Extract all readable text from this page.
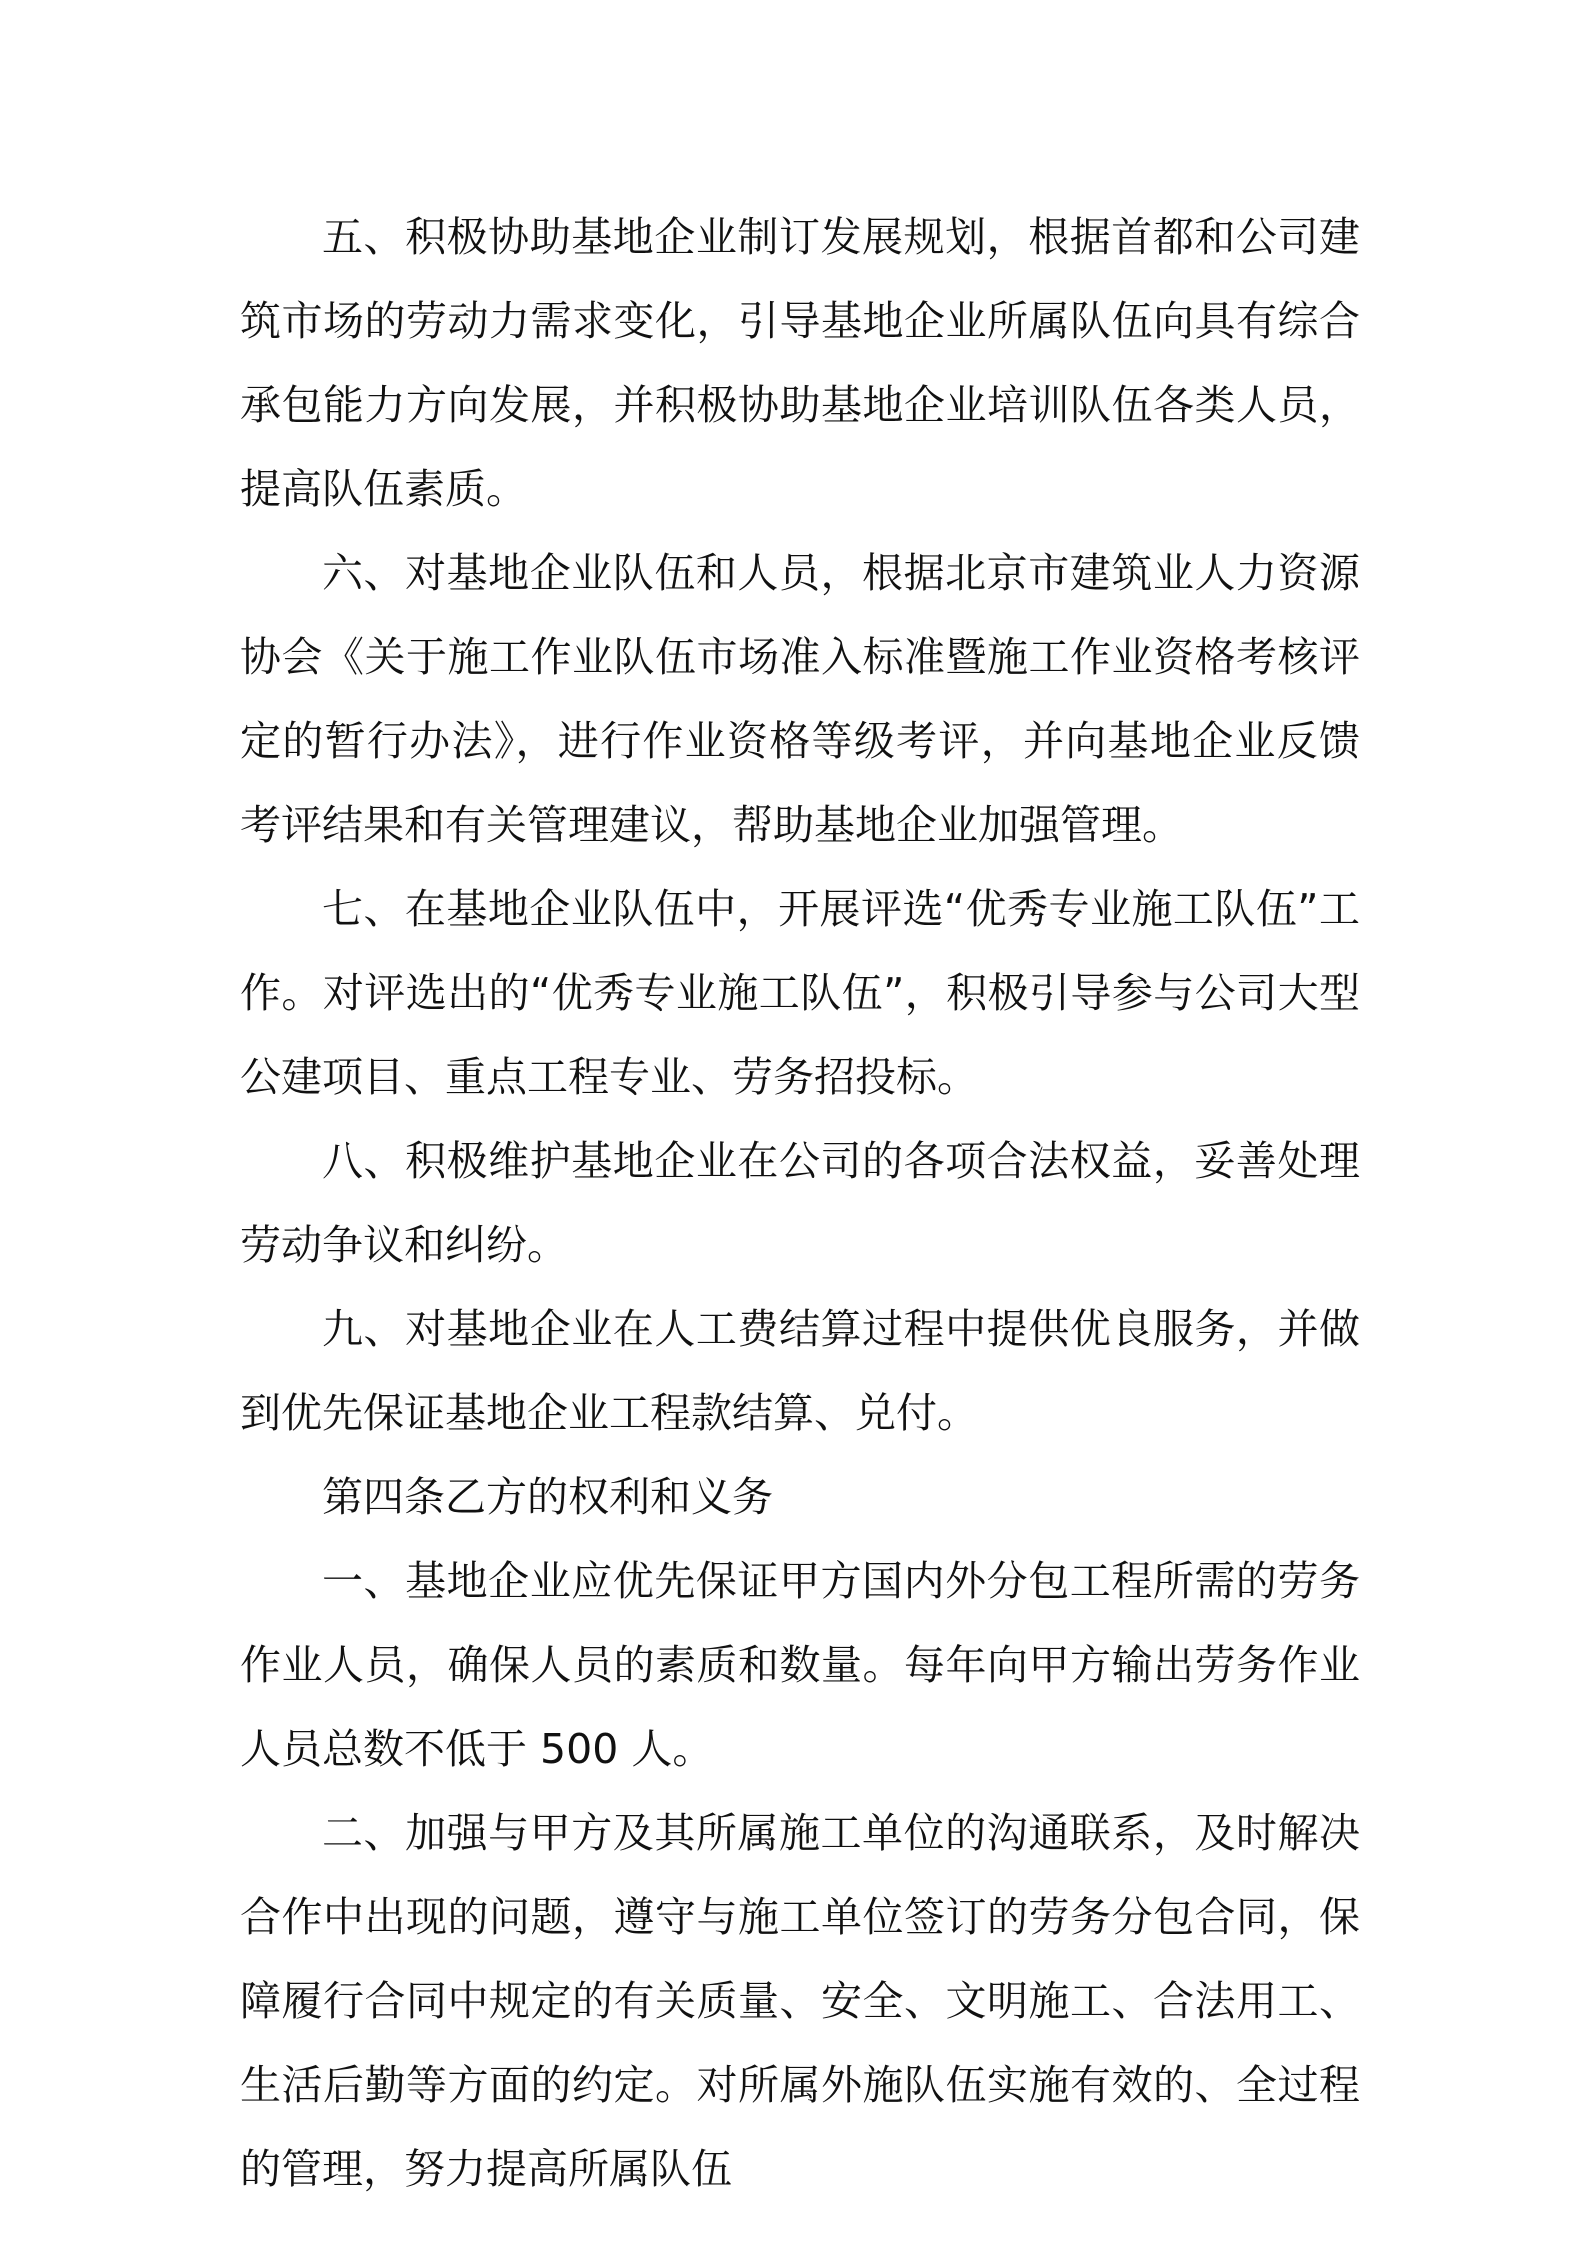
五、积极协助基地企业制订发展规划，根据首都和公司建筑市场的劳动力需求变化，引导基地企业所属队伍向具有综合承包能力方向发展，并积极协助基地企业培训队伍各类人员，提高队伍素质。

六、对基地企业队伍和人员，根据北京市建筑业人力资源协会《关于施工作业队伍市场准入标准暨施工作业资格考核评定的暂行办法》，进行作业资格等级考评，并向基地企业反馈考评结果和有关管理建议，帮助基地企业加强管理。

七、在基地企业队伍中，开展评选“优秀专业施工队伍”工作。对评选出的“优秀专业施工队伍”，积极引导参与公司大型公建项目、重点工程专业、劳务招投标。

八、积极维护基地企业在公司的各项合法权益，妥善处理劳动争议和纠纷。

九、对基地企业在人工费结算过程中提供优良服务，并做到优先保证基地企业工程款结算、兑付。

第四条乙方的权利和义务

一、基地企业应优先保证甲方国内外分包工程所需的劳务作业人员，确保人员的素质和数量。每年向甲方输出劳务作业人员总数不低于 500 人。

二、加强与甲方及其所属施工单位的沟通联系，及时解决合作中出现的问题，遵守与施工单位签订的劳务分包合同，保障履行合同中规定的有关质量、安全、文明施工、合法用工、生活后勤等方面的约定。对所属外施队伍实施有效的、全过程的管理，努力提高所属队伍
